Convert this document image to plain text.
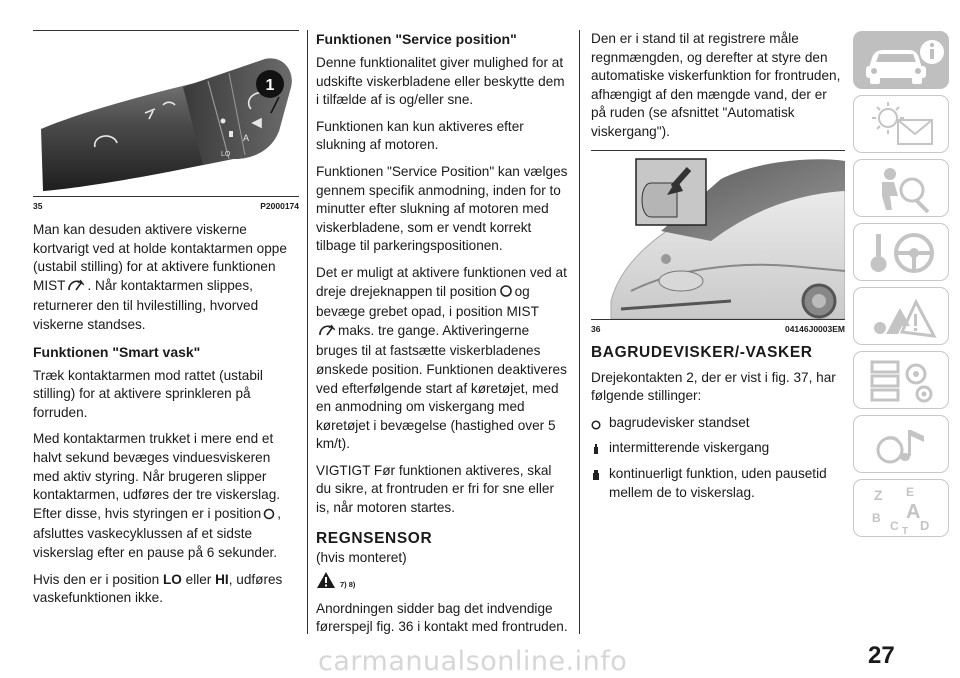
A
LO
1
35	P2000174

Man kan desuden aktivere viskerne kortvarigt ved at holde kontaktarmen oppe (ustabil stilling) for at aktivere funktionen MIST . Når kontaktarmen slippes, returnerer den til hvilestilling, hvorved viskerne standses.

Funktionen "Smart vask"

Træk kontaktarmen mod rattet (ustabil stilling) for at aktivere sprinkleren på forruden.

Med kontaktarmen trukket i mere end et halvt sekund bevæges vinduesviskeren med aktiv styring. Når brugeren slipper kontaktarmen, udføres der tre viskerslag. Efter disse, hvis styringen er i position , afsluttes vaskecyklussen af et sidste viskerslag efter en pause på 6 sekunder.

Hvis den er i position LO eller HI, udføres vaskefunktionen ikke.

Funktionen "Service position"

Denne funktionalitet giver mulighed for at udskifte viskerbladene eller beskytte dem i tilfælde af is og/eller sne.

Funktionen kan kun aktiveres efter slukning af motoren.

Funktionen "Service Position" kan vælges gennem specifik anmodning, inden for to minutter efter slukning af motoren med viskerbladene, som er vendt korrekt tilbage til parkeringspositionen.

Det er muligt at aktivere funktionen ved at dreje drejeknappen til position og bevæge grebet opad, i position MIST
maks. tre gange. Aktiveringerne bruges til at fastsætte viskerbladenes ønskede position. Funktionen deaktiveres ved efterfølgende start af køretøjet, med en anmodning om viskergang med køretøjet i bevægelse (hastighed over 5 km/t).

VIGTIGT Før funktionen aktiveres, skal du sikre, at frontruden er fri for sne eller is, når motoren startes.

REGNSENSOR

(hvis monteret)

7) 8)

Anordningen sidder bag det indvendige førerspejl fig. 36 i kontakt med frontruden.

Den er i stand til at registrere måle regnmængden, og derefter at styre den automatiske viskerfunktion for frontruden, afhængigt af den mængde vand, der er på ruden (se afsnittet "Automatisk viskergang").

36	04146J0003EM
BAGRUDEVISKER/-VASKER

Drejekontakten 2, der er vist i fig. 37, har følgende stillinger:

bagrudevisker standset
intermitterende viskergang
kontinuerligt funktion, uden pausetid mellem de to viskerslag.	Z E
B A
C D
T
27
carmanualsonline.info
